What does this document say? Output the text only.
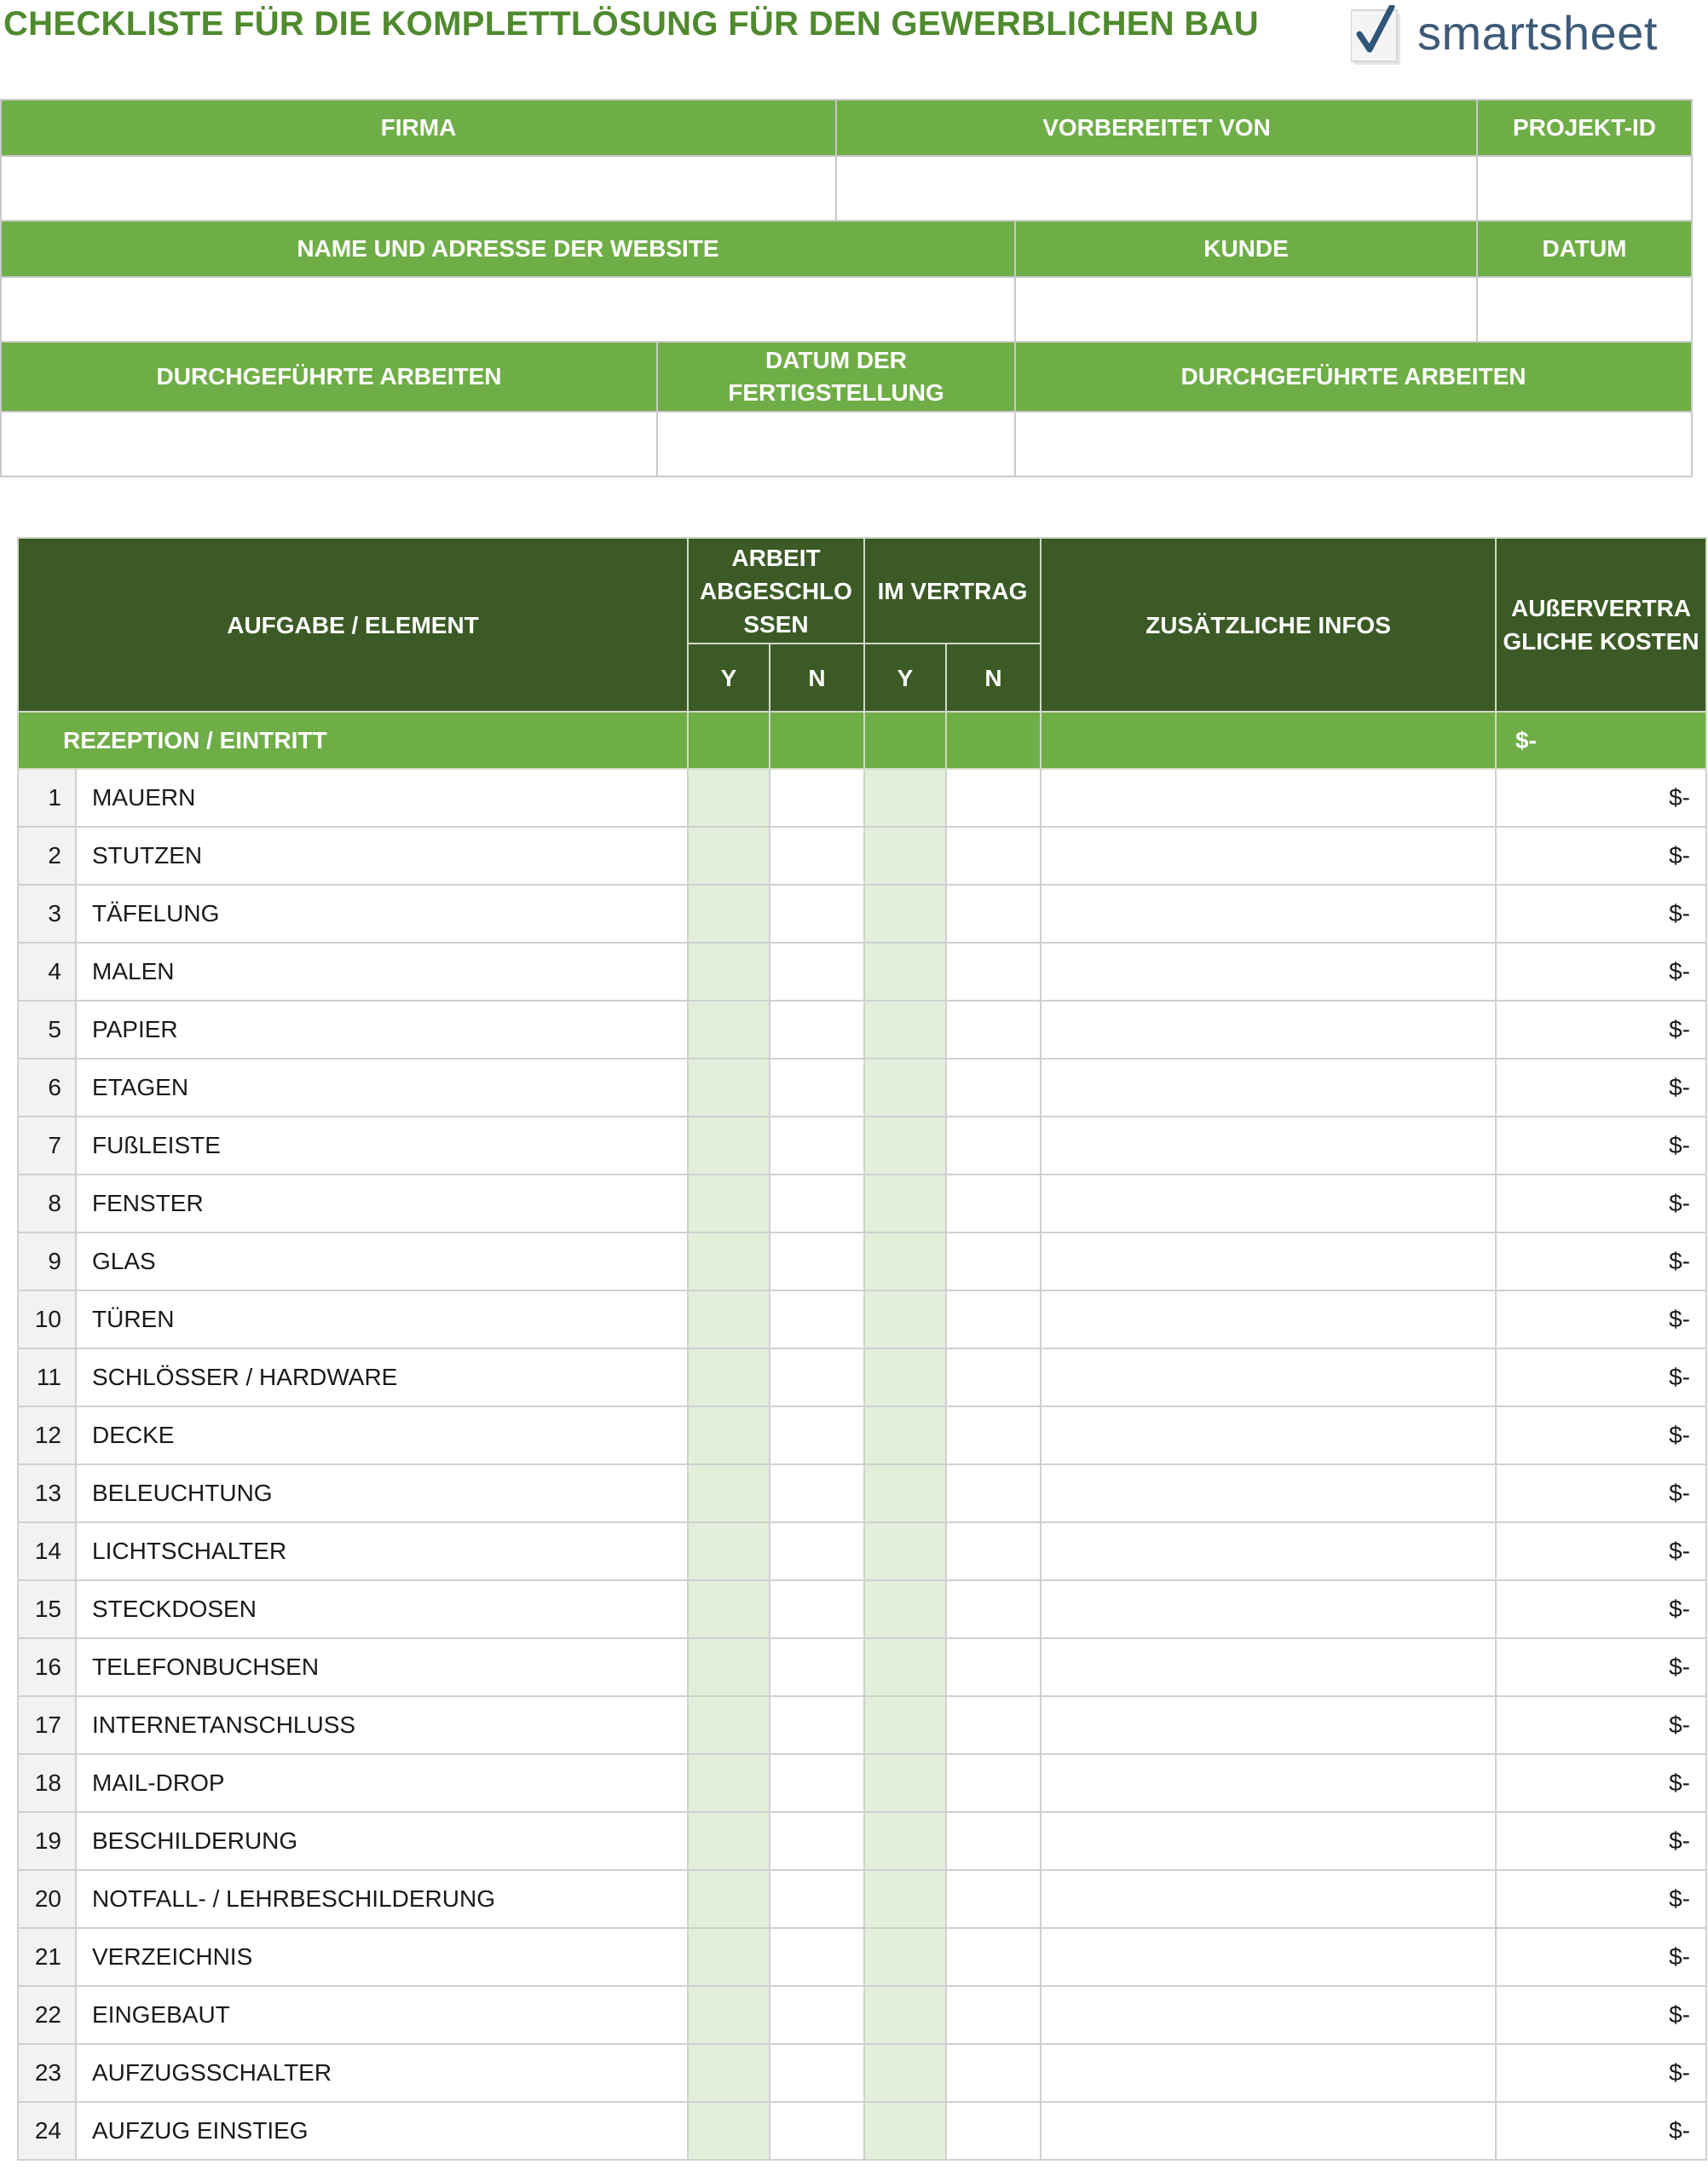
CHECKLISTE FÜR DIE KOMPLETTLÖSUNG FÜR DEN GEWERBLICHEN BAU	smartsheet
FIRMA		VORBEREITET VON		PROJEKT-ID

NAME UND ADRESSE DER WEBSITE			KUNDE	DATUM

DURCHGEFÜHRTE ARBEITEN	DATUM DER FERTIGSTELLUNG		DURCHGEFÜHRTE ARBEITEN	

AUFGABE / ELEMENT		ARBEIT ABGESCHLO SSEN		IM VERTRAG		ZUSÄTZLICHE INFOS	AUßERVERTRA GLICHE KOSTEN
		Y	N	Y	N		
REZEPTION / EINTRITT							$-
1	MAUERN						$-
2	STUTZEN						$-
3	TÄFELUNG						$-
4	MALEN						$-
5	PAPIER						$-
6	ETAGEN						$-
7	FUßLEISTE						$-
8	FENSTER						$-
9	GLAS						$-
10	TÜREN						$-
11	SCHLÖSSER / HARDWARE						$-
12	DECKE						$-
13	BELEUCHTUNG						$-
14	LICHTSCHALTER						$-
15	STECKDOSEN						$-
16	TELEFONBUCHSEN						$-
17	INTERNETANSCHLUSS						$-
18	MAIL-DROP						$-
19	BESCHILDERUNG						$-
20	NOTFALL- / LEHRBESCHILDERUNG						$-
21	VERZEICHNIS						$-
22	EINGEBAUT						$-
23	AUFZUGSSCHALTER						$-
24	AUFZUG EINSTIEG						$-
